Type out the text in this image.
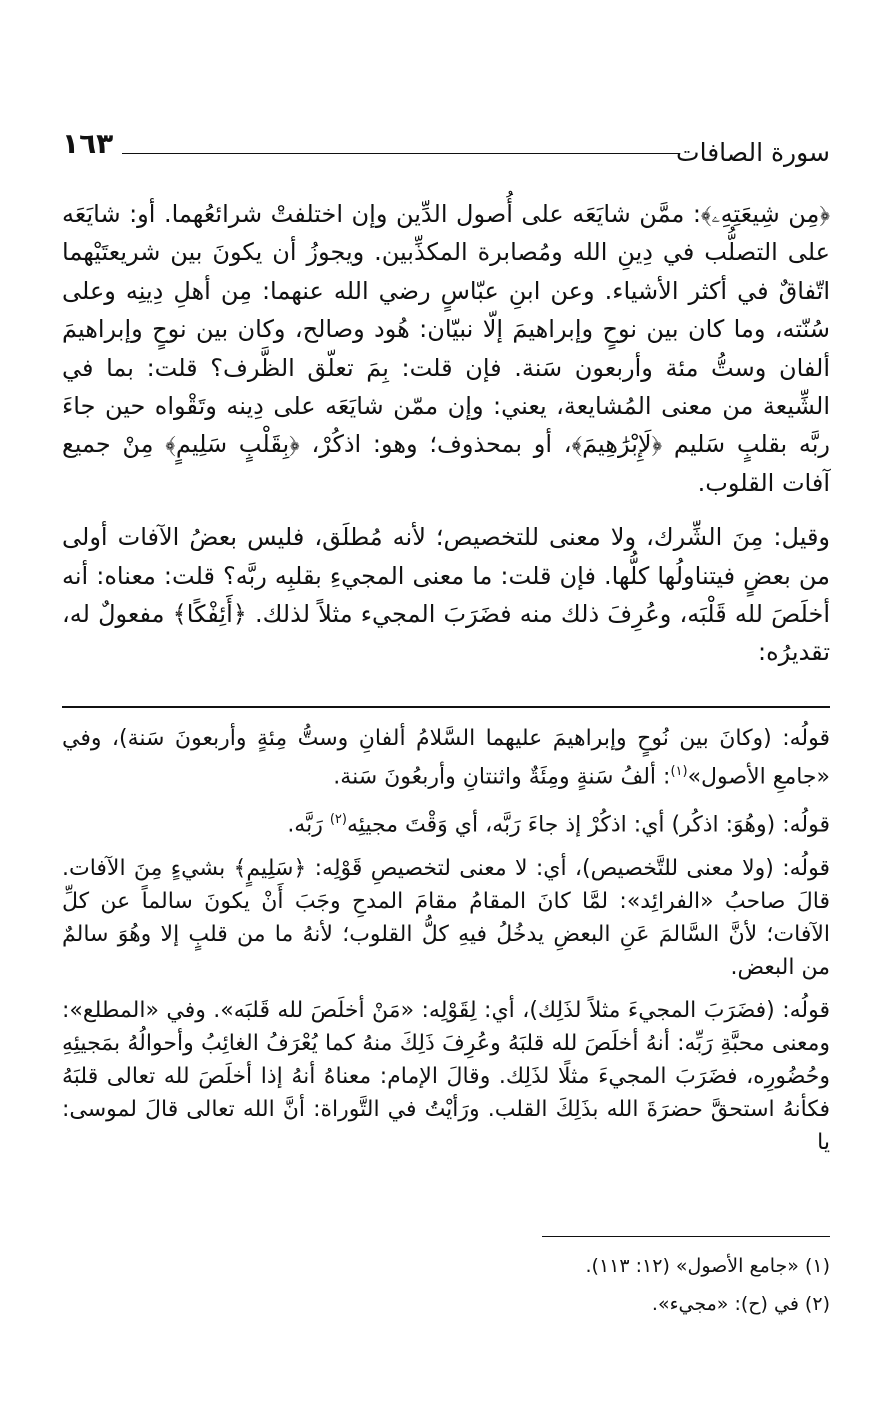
سورة الصافات
١٦٣

﴿مِن شِيعَتِهِۦ﴾: ممَّن شايَعَه على أُصول الدِّين وإن اختلفتْ شرائعُهما. أو: شايَعَه على التصلُّب في دِينِ الله ومُصابرة المكذِّبين. ويجوزُ أن يكونَ بين شريعتَيْهما اتّفاقٌ في أكثر الأشياء. وعن ابنِ عبّاسٍ رضي الله عنهما: مِن أهلِ دِينِه وعلى سُنّته، وما كان بين نوحٍ وإبراهيمَ إلّا نبيّان: هُود وصالح، وكان بين نوحٍ وإبراهيمَ ألفان وستُّ مئة وأربعون سَنة. فإن قلت: بِمَ تعلّق الظَّرف؟ قلت: بما في الشِّيعة من معنى المُشايعة، يعني: وإن ممّن شايَعَه على دِينه وتَقْواه حين جاءَ ربَّه بقلبٍ سَليم ﴿لَإِبْرَٰهِيمَ﴾، أو بمحذوف؛ وهو: اذكُرْ، ﴿بِقَلْبٍ سَلِيمٍ﴾ مِنْ جميع آفات القلوب.

وقيل: مِنَ الشِّرك، ولا معنى للتخصيص؛ لأنه مُطلَق، فليس بعضُ الآفات أولى من بعضٍ فيتناولُها كلُّها. فإن قلت: ما معنى المجيءِ بقلبِه ربَّه؟ قلت: معناه: أنه أخلَصَ لله قَلْبَه، وعُرِفَ ذلك منه فضَرَبَ المجيء مثلاً لذلك. ﴿أَئِفْكًا﴾ مفعولٌ له، تقديرُه:

قولُه: (وكانَ بين نُوحٍ وإبراهيمَ عليهما السَّلامُ ألفانِ وستُّ مِئةٍ وأربعونَ سَنة)، وفي «جامعِ الأصول»$^{(١)}$: ألفُ سَنةٍ ومِئَةٌ واثنتانِ وأربعُونَ سَنة.

قولُه: (وهُوَ: اذكُر) أي: اذكُرْ إذ جاءَ رَبَّه، أي وَقْتَ مجيئِه$^{(٢)}$ رَبَّه.

قولُه: (ولا معنى للتَّخصيص)، أي: لا معنى لتخصيصِ قَوْلِه: ﴿سَلِيمٍ﴾ بشيءٍ مِنَ الآفات. قالَ صاحبُ «الفرائِد»: لمَّا كانَ المقامُ مقامَ المدحِ وجَبَ أَنْ يكونَ سالماً عن كلِّ الآفات؛ لأنَّ السَّالمَ عَنِ البعضِ يدخُلُ فيهِ كلُّ القلوب؛ لأنهُ ما من قلبٍ إلا وهُوَ سالمٌ من البعض.

قولُه: (فضَرَبَ المجيءَ مثلاً لذَلِك)، أي: لِقَوْلِه: «مَنْ أخلَصَ لله قَلبَه». وفي «المطلع»: ومعنى محبَّةِ رَبِّه: أنهُ أخلَصَ لله قلبَهُ وعُرِفَ ذَلِكَ منهُ كما يُعْرَفُ الغائِبُ وأحوالُهُ بمَجيئِهِ وحُضُورِه، فضَرَبَ المجيءَ مثلًا لذَلِك. وقالَ الإمام: معناهُ أنهُ إذا أخلَصَ لله تعالى قلبَهُ فكأنهُ استحقَّ حضرَةَ الله بذَلِكَ القلب. ورَأيْتُ في التَّوراة: أنَّ الله تعالى قالَ لموسى: يا

(١) «جامع الأصول» (١٢: ١١٣).

(٢) في (ح): «مجيء».
